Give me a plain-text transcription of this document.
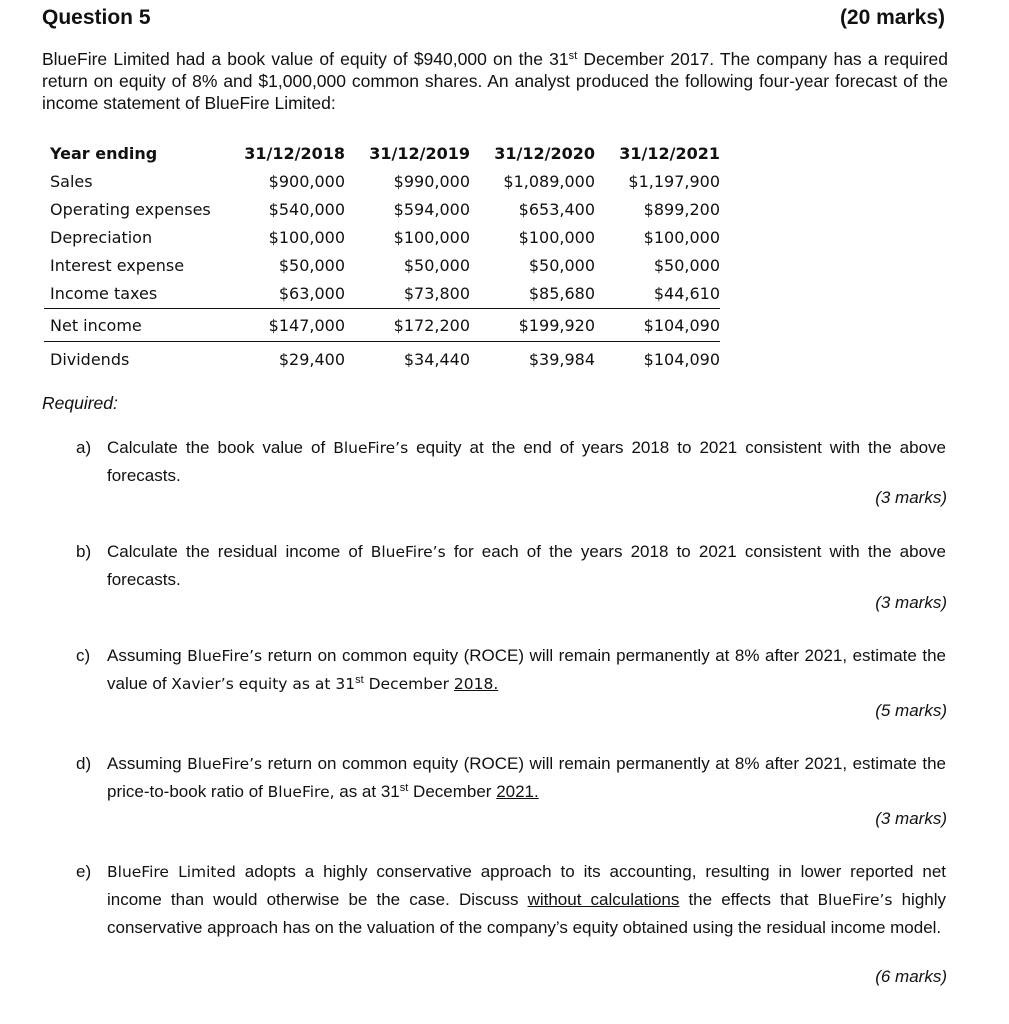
Question 5	(20 marks)
BlueFire Limited had a book value of equity of $940,000 on the 31st December 2017. The company has a required return on equity of 8% and $1,000,000 common shares. An analyst produced the following four-year forecast of the income statement of BlueFire Limited:
Year ending	31/12/2018	31/12/2019	31/12/2020	31/12/2021
Sales	$900,000	$990,000	$1,089,000	$1,197,900
Operating expenses	$540,000	$594,000	$653,400	$899,200
Depreciation	$100,000	$100,000	$100,000	$100,000
Interest expense	$50,000	$50,000	$50,000	$50,000
Income taxes	$63,000	$73,800	$85,680	$44,610
Net income	$147,000	$172,200	$199,920	$104,090
Dividends	$29,400	$34,440	$39,984	$104,090
Required:
a) Calculate the book value of BlueFire’s equity at the end of years 2018 to 2021 consistent with the above forecasts.
(3 marks)
b) Calculate the residual income of BlueFire’s for each of the years 2018 to 2021 consistent with the above forecasts.
(3 marks)
c) Assuming BlueFire’s return on common equity (ROCE) will remain permanently at 8% after 2021, estimate the value of Xavier’s equity as at 31st December 2018.
(5 marks)
d) Assuming BlueFire’s return on common equity (ROCE) will remain permanently at 8% after 2021, estimate the price-to-book ratio of BlueFire, as at 31st December 2021.
(3 marks)
e) BlueFire Limited adopts a highly conservative approach to its accounting, resulting in lower reported net income than would otherwise be the case. Discuss without calculations the effects that BlueFire’s highly conservative approach has on the valuation of the company’s equity obtained using the residual income model.
(6 marks)
